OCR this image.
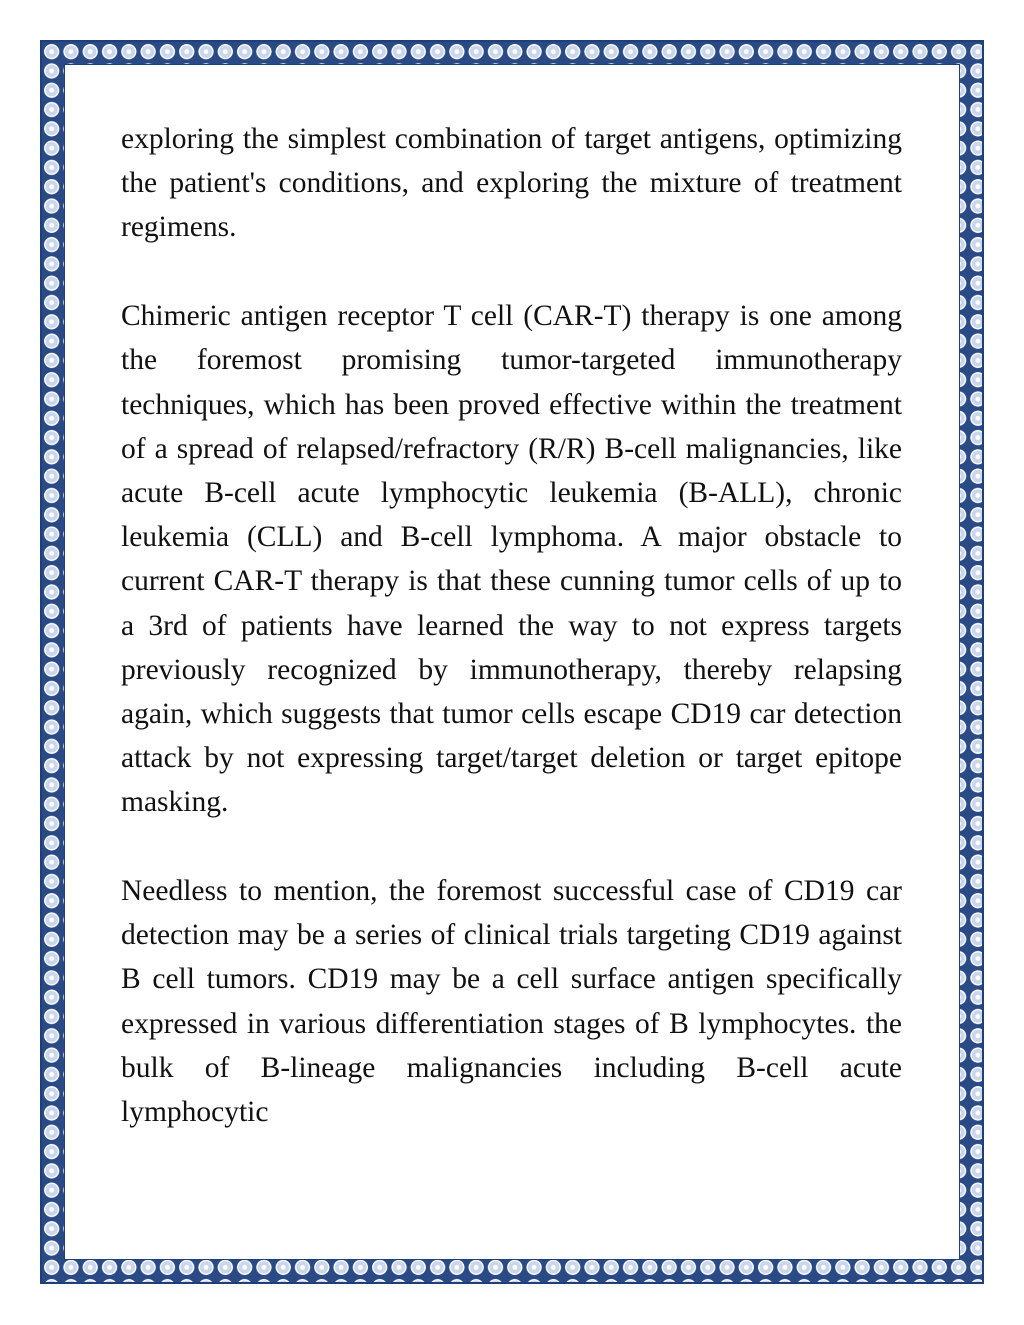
exploring the simplest combination of target antigens, optimizing the patient's conditions, and exploring the mixture of treatment regimens.

Chimeric antigen receptor T cell (CAR-T) therapy is one among the foremost promising tumor-targeted immunotherapy techniques, which has been proved effective within the treatment of a spread of relapsed/refractory (R/R) B-cell malignancies, like acute B-cell acute lymphocytic leukemia (B-ALL), chronic leukemia (CLL) and B-cell lymphoma. A major obstacle to current CAR-T therapy is that these cunning tumor cells of up to a 3rd of patients have learned the way to not express targets previously recognized by immunotherapy, thereby relapsing again, which suggests that tumor cells escape CD19 car detection attack by not expressing target/target deletion or target epitope masking.

Needless to mention, the foremost successful case of CD19 car detection may be a series of clinical trials targeting CD19 against B cell tumors. CD19 may be a cell surface antigen specifically expressed in various differentiation stages of B lymphocytes. the bulk of B-lineage malignancies including B-cell acute lymphocytic
